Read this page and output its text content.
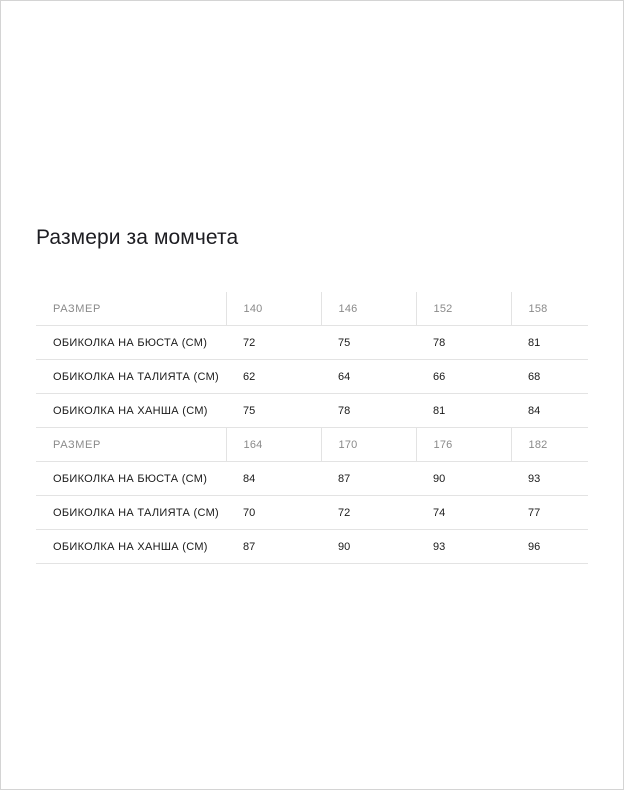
Размери за момчета
РАЗМЕР	140	146	152	158
ОБИКОЛКА НА БЮСТА (СМ)	72	75	78	81
ОБИКОЛКА НА ТАЛИЯТА (СМ)	62	64	66	68
ОБИКОЛКА НА ХАНША (СМ)	75	78	81	84
РАЗМЕР	164	170	176	182
ОБИКОЛКА НА БЮСТА (СМ)	84	87	90	93
ОБИКОЛКА НА ТАЛИЯТА (СМ)	70	72	74	77
ОБИКОЛКА НА ХАНША (СМ)	87	90	93	96
